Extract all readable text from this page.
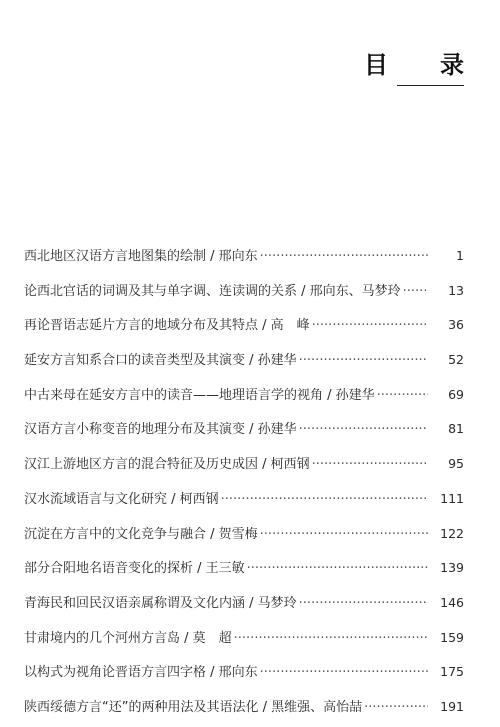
目　录
西北地区汉语方言地图集的绘制 / 邢向东 ·····	1
论西北官话的词调及其与单字调、连读调的关系 / 邢向东、马梦玲 ·····	13
再论晋语志延片方言的地域分布及其特点 / 高　峰 ·····	36
延安方言知系合口的读音类型及其演变 / 孙建华 ·····	52
中古来母在延安方言中的读音——地理语言学的视角 / 孙建华 ·····	69
汉语方言小称变音的地理分布及其演变 / 孙建华 ·····	81
汉江上游地区方言的混合特征及历史成因 / 柯西钢 ·····	95
汉水流域语言与文化研究 / 柯西钢 ·····	111
沉淀在方言中的文化竞争与融合 / 贺雪梅 ·····	122
部分合阳地名语音变化的探析 / 王三敏 ·····	139
青海民和回民汉语亲属称谓及文化内涵 / 马梦玲 ·····	146
甘肃境内的几个河州方言岛 / 莫　超 ·····	159
以构式为视角论晋语方言四字格 / 邢向东 ·····	175
陕西绥德方言“还”的两种用法及其语法化 / 黑维强、高怡喆 ·····	191
